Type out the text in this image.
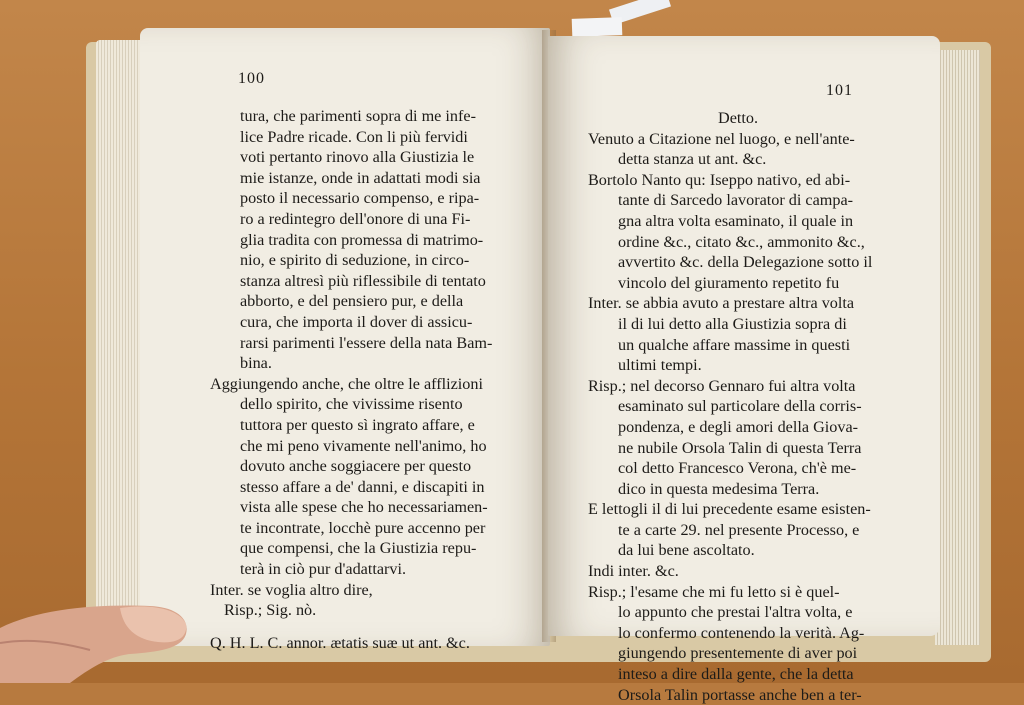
100
tura, che parimenti sopra di me infe-
lice Padre ricade. Con li più fervidi
voti pertanto rinovo alla Giustizia le
mie istanze, onde in adattati modi sia
posto il necessario compenso, e ripa-
ro a redintegro dell'onore di una Fi-
glia tradita con promessa di matrimo-
nio, e spirito di seduzione, in circo-
stanza altresì più riflessibile di tentato
abborto, e del pensiero pur, e della
cura, che importa il dover di assicu-
rarsi parimenti l'essere della nata Bam-
bina.
Aggiungendo anche, che oltre le afflizioni
dello spirito, che vivissime risento
tuttora per questo sì ingrato affare, e
che mi peno vivamente nell'animo, ho
dovuto anche soggiacere per questo
stesso affare a de' danni, e discapiti in
vista alle spese che ho necessariamen-
te incontrate, locchè pure accenno per
que compensi, che la Giustizia repu-
terà in ciò pur d'adattarvi.
Inter. se voglia altro dire,
Risp.; Sig. nò.
Q. H. L. C. annor. ætatis suæ ut ant. &c.
101
Detto.
Venuto a Citazione nel luogo, e nell'ante-
detta stanza ut ant. &c.
Bortolo Nanto qu: Iseppo nativo, ed abi-
tante di Sarcedo lavorator di campa-
gna altra volta esaminato, il quale in
ordine &c., citato &c., ammonito &c.,
avvertito &c. della Delegazione sotto il
vincolo del giuramento repetito fu
Inter. se abbia avuto a prestare altra volta
il di lui detto alla Giustizia sopra di
un qualche affare massime in questi
ultimi tempi.
Risp.; nel decorso Gennaro fui altra volta
esaminato sul particolare della corris-
pondenza, e degli amori della Giova-
ne nubile Orsola Talin di questa Terra
col detto Francesco Verona, ch'è me-
dico in questa medesima Terra.
E lettogli il di lui precedente esame esisten-
te a carte 29. nel presente Processo, e
da lui bene ascoltato.
Indi inter. &c.
Risp.; l'esame che mi fu letto si è quel-
lo appunto che prestai l'altra volta, e
lo confermo contenendo la verità. Ag-
giungendo presentemente di aver poi
inteso a dire dalla gente, che la detta
Orsola Talin portasse anche ben a ter-
